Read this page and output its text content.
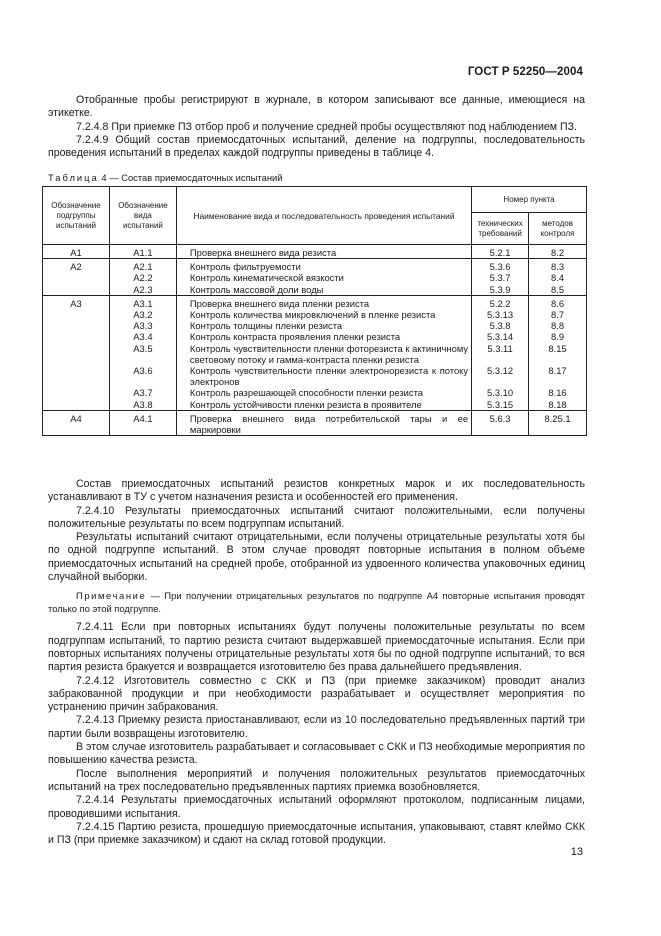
ГОСТ Р 52250—2004

Отобранные пробы регистрируют в журнале, в котором записывают все данные, имеющиеся на этикетке.

7.2.4.8 При приемке ПЗ отбор проб и получение средней пробы осуществляют под наблюдением ПЗ.

7.2.4.9 Общий состав приемосдаточных испытаний, деление на подгруппы, последовательность проведения испытаний в пределах каждой подгруппы приведены в таблице 4.

Таблица 4 — Состав приемосдаточных испытаний
Обозначение подгруппы испытаний	Обозначение вида испытаний	Наименование вида и последовательность проведения испытаний	Номер пункта	
			технических требований	методов контроля
А1	А1.1	Проверка внешнего вида резиста	5.2.1	8.2
А2	А2.1	Контроль фильтруемости	5.3.6	8.3
	А2.2	Контроль кинематической вязкости	5.3.7	8.4
	А2.3	Контроль массовой доли воды	5.3.9	8.5
А3	А3.1	Проверка внешнего вида пленки резиста	5.2.2	8.6
	А3.2	Контроль количества микровключений в пленке резиста	5.3.13	8.7
	А3.3	Контроль толщины пленки резиста	5.3.8	8.8
	А3.4	Контроль контраста проявления пленки резиста	5.3.14	8.9
	А3.5	Контроль чувствительности пленки фоторезиста к актиничному световому потоку и гамма-контраста пленки резиста	5.3.11	8.15
	А3.6	Контроль чувствительности пленки электронорезиста к потоку электронов	5.3.12	8.17
	А3.7	Контроль разрешающей способности пленки резиста	5.3.10	8.16
	А3.8	Контроль устойчивости пленки резиста в проявителе	5.3.15	8.18
А4	А4.1	Проверка внешнего вида потребительской тары и ее маркировки	5.6.3	8.25.1

Состав приемосдаточных испытаний резистов конкретных марок и их последовательность устанавливают в ТУ с учетом назначения резиста и особенностей его применения.

7.2.4.10 Результаты приемосдаточных испытаний считают положительными, если получены положительные результаты по всем подгруппам испытаний.

Результаты испытаний считают отрицательными, если получены отрицательные результаты хотя бы по одной подгруппе испытаний. В этом случае проводят повторные испытания в полном объеме приемосдаточных испытаний на средней пробе, отобранной из удвоенного количества упаковочных единиц случайной выборки.

Примечание — При получении отрицательных результатов по подгруппе А4 повторные испытания проводят только по этой подгруппе.

7.2.4.11 Если при повторных испытаниях будут получены положительные результаты по всем подгруппам испытаний, то партию резиста считают выдержавшей приемосдаточные испытания. Если при повторных испытаниях получены отрицательные результаты хотя бы по одной подгруппе испытаний, то вся партия резиста бракуется и возвращается изготовителю без права дальнейшего предъявления.

7.2.4.12 Изготовитель совместно с СКК и ПЗ (при приемке заказчиком) проводит анализ забракованной продукции и при необходимости разрабатывает и осуществляет мероприятия по устранению причин забракования.

7.2.4.13 Приемку резиста приостанавливают, если из 10 последовательно предъявленных партий три партии были возвращены изготовителю.

В этом случае изготовитель разрабатывает и согласовывает с СКК и ПЗ необходимые мероприятия по повышению качества резиста.

После выполнения мероприятий и получения положительных результатов приемосдаточных испытаний на трех последовательно предъявленных партиях приемка возобновляется.

7.2.4.14 Результаты приемосдаточных испытаний оформляют протоколом, подписанным лицами, проводившими испытания.

7.2.4.15 Партию резиста, прошедшую приемосдаточные испытания, упаковывают, ставят клеймо СКК и ПЗ (при приемке заказчиком) и сдают на склад готовой продукции.

13
